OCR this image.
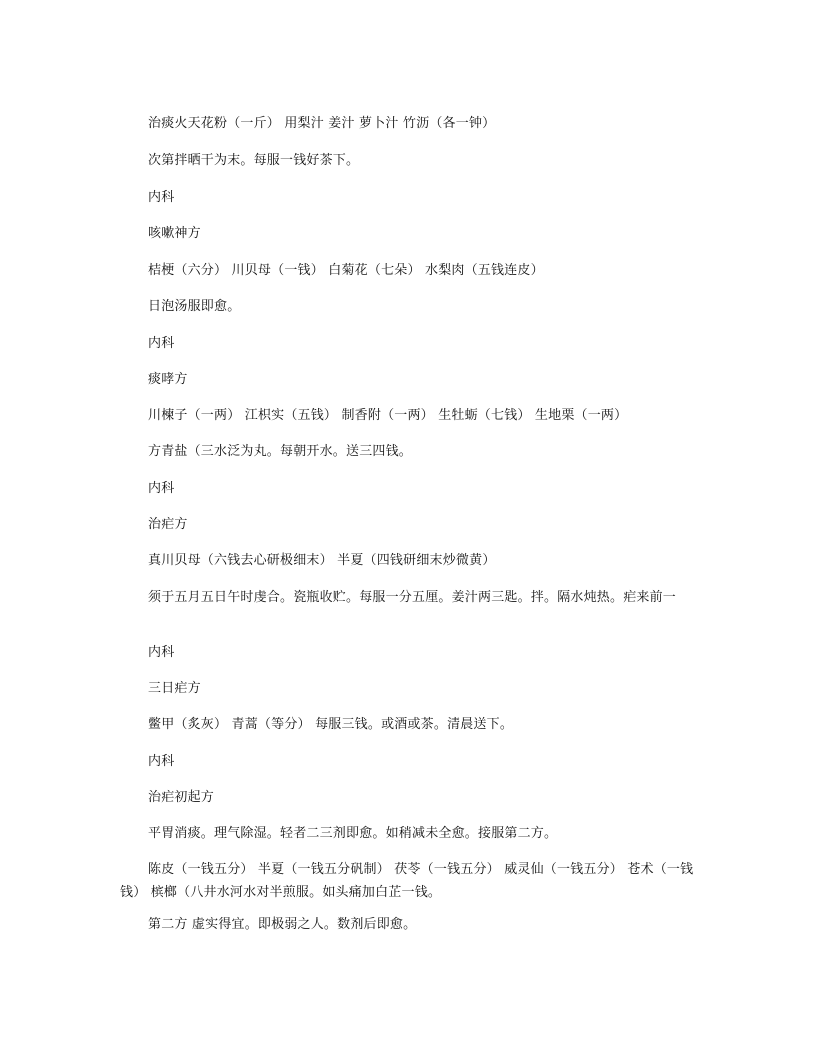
治痰火天花粉（一斤） 用梨汁 姜汁 萝卜汁 竹沥（各一钟）
次第拌晒干为末。每服一钱好茶下。
内科
咳嗽神方
桔梗（六分） 川贝母（一钱） 白菊花（七朵） 水梨肉（五钱连皮）
日泡汤服即愈。
内科
痰哮方
川楝子（一两） 江枳实（五钱） 制香附（一两） 生牡蛎（七钱） 生地栗（一两）
方青盐（三水泛为丸。每朝开水。送三四钱。
内科
治疟方
真川贝母（六钱去心研极细末） 半夏（四钱研细末炒微黄）
须于五月五日午时虔合。瓷瓶收贮。每服一分五厘。姜汁两三匙。拌。隔水炖热。疟来前一
内科
三日疟方
鳖甲（炙灰） 青蒿（等分） 每服三钱。或酒或茶。清晨送下。
内科
治疟初起方
平胃消痰。理气除湿。轻者二三剂即愈。如稍减未全愈。接服第二方。
陈皮（一钱五分） 半夏（一钱五分矾制） 茯苓（一钱五分） 威灵仙（一钱五分） 苍术（一钱钱） 槟榔（八井水河水对半煎服。如头痛加白芷一钱。
第二方 虚实得宜。即极弱之人。数剂后即愈。
